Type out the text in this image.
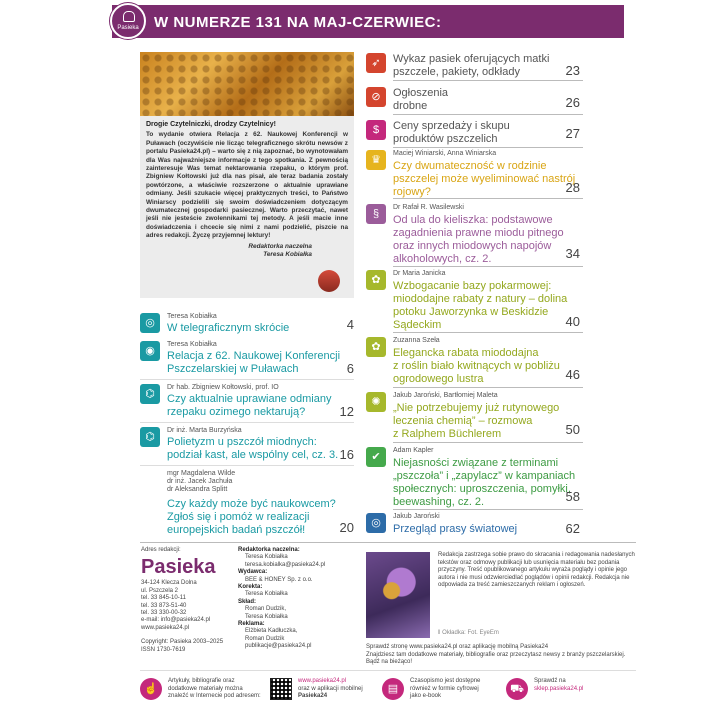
W NUMERZE 131 NA MAJ-CZERWIEC:
Pasieka
Drogie Czytelniczki, drodzy Czytelnicy!

To wydanie otwiera Relacja z 62. Naukowej Konferencji w Puławach (oczywiście nie licząc telegraficznego skrótu newsów z portalu Pasieka24.pl) – warto się z nią zapoznać, bo wynotowałam dla Was najważniejsze informacje z tego spotkania. Z pewnością zainteresuje Was temat nektarowania rzepaku, o którym prof. Zbigniew Kołtowski już dla nas pisał, ale teraz badania zostały powtórzone, a właściwie rozszerzone o aktualnie uprawiane odmiany. Jeśli szukacie więcej praktycznych treści, to Państwo Winiarscy podzielili się swoim doświadczeniem dotyczącym dwumatecznej gospodarki pasiecznej. Warto przeczytać, nawet jeśli nie jesteście zwolennikami tej metody. A jeśli macie inne doświadczenia i chcecie się nimi z nami podzielić, piszcie na adres redakcji. Życzę przyjemnej lektury!

Redaktorka naczelna
Teresa Kobiałka
◎
Teresa Kobiałka
W telegraficznym skrócie	4
◉
Teresa Kobiałka
Relacja z 62. Naukowej Konferencji
Pszczelarskiej w Puławach	6
⌬
Dr hab. Zbigniew Kołtowski, prof. IO
Czy aktualnie uprawiane odmiany
rzepaku ozimego nektarują?	12
⌬
Dr inż. Marta Burzyńska
Polietyzm u pszczół miodnych:
podział kast, ale wspólny cel, cz. 3. 16
mgr Magdalena Wilde
dr inż. Jacek Jachuła
dr Aleksandra Splitt
Czy każdy może być naukowcem?
Zgłoś się i pomóż w realizacji
europejskich badań pszczół!	20
➶	Wykaz pasiek oferujących matki
pszczele, pakiety, odkłady	23
⊘	Ogłoszenia
drobne	26
$	Ceny sprzedaży i skupu
produktów pszczelich	27
♛
Maciej Winiarski, Anna Winiarska
Czy dwumateczność w rodzinie
pszczelej może wyeliminować nastrój
rojowy?	28
§
Dr Rafał R. Wasilewski
Od ula do kieliszka: podstawowe
zagadnienia prawne miodu pitnego
oraz innych miodowych napojów
alkoholowych, cz. 2.	34
✿
Dr Maria Janicka
Wzbogacanie bazy pokarmowej:
miododajne rabaty z natury – dolina
potoku Jaworzynka w Beskidzie
Sądeckim	40
✿
Zuzanna Szeła
Elegancka rabata miododajna
z roślin biało kwitnących w pobliżu
ogrodowego lustra	46
✺
Jakub Jaroński, Bartłomiej Maleta
„Nie potrzebujemy już rutynowego
leczenia chemią” – rozmowa
z Ralphem Büchlerem	50
✔
Adam Kapler
Niejasności związane z terminami
„pszczoła” i „zapylacz” w kampaniach
społecznych: uproszczenia, pomyłki,
beewashing, cz. 2.	58
◎
Jakub Jaroński
Przegląd prasy światowej	62
Adres redakcji:
Pasieka
34-124 Klecza Dolna
ul. Pszczela 2
tel. 33 845-10-11
tel. 33 873-51-40
tel. 33 330-00-32
e-mail: info@pasieka24.pl
www.pasieka24.pl
Copyright: Pasieka 2003–2025
ISSN 1730-7619
Redaktorka naczelna:
Teresa Kobiałka
teresa.kobialka@pasieka24.pl
Wydawca:
BEE & HONEY Sp. z o.o.
Korekta:
Teresa Kobiałka
Skład:
Roman Dudzik,
Teresa Kobiałka
Reklama:
Elżbieta Kadłuczka,
Roman Dudzik
publikacje@pasieka24.pl
Redakcja zastrzega sobie prawo do skracania i redagowania nadesłanych tekstów oraz odmowy publikacji lub usunięcia materiału bez podania przyczyny. Treść opublikowanego artykułu wyraża poglądy i opinie jego autora i nie musi odzwierciedlać poglądów i opinii redakcji. Redakcja nie odpowiada za treść zamieszczanych reklam i ogłoszeń.
‖ Okładka: Fot. EyeEm
Sprawdź stronę www.pasieka24.pl oraz aplikację mobilną Pasieka24
Znajdziesz tam dodatkowe materiały, bibliografie oraz przeczytasz newsy z branży pszczelarskiej. Bądź na bieżąco!
☝
Artykuły, bibliografie oraz
dodatkowe materiały można
znaleźć w Internecie pod adresem:
www.pasieka24.pl
oraz w aplikacji mobilnej
Pasieka24
▤
Czasopismo jest dostępne
również w formie cyfrowej
jako e-book
⛟
Sprawdź na
sklep.pasieka24.pl
